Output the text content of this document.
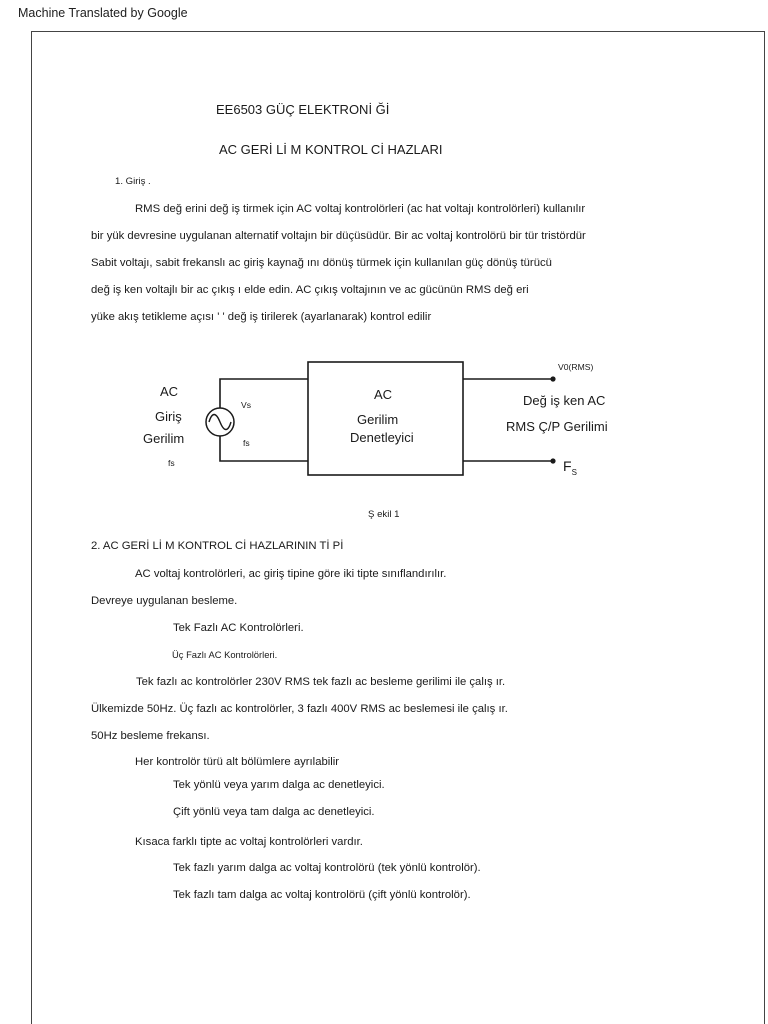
Machine Translated by Google
EE6503 GÜÇ ELEKTRONİ Ğİ
AC GERİ Lİ M KONTROL Cİ HAZLARI
1. Giriş .
RMS değ erini değ iş tirmek için AC voltaj kontrolörleri (ac hat voltajı kontrolörleri) kullanılır
bir yük devresine uygulanan alternatif voltajın bir düçüsüdür. Bir ac voltaj kontrolörü bir tür tristördür
Sabit voltajı, sabit frekanslı ac giriş kaynağ ını dönüş türmek için kullanılan güç dönüş türücü
değ iş ken voltajlı bir ac çıkış ı elde edin. AC çıkış voltajının ve ac gücünün RMS değ eri
yüke akış tetikleme açısı ' ' değ iş tirilerek (ayarlanarak) kontrol edilir
AC
Giriş
Gerilim
fs
Vs
fs
AC
Gerilim
Denetleyici
V0(RMS)
Değ iş ken AC
RMS Ç/P Gerilimi
$F_S$
Ş ekil 1
2. AC GERİ Lİ M KONTROL Cİ HAZLARININ Tİ Pİ
AC voltaj kontrolörleri, ac giriş tipine göre iki tipte sınıflandırılır.
Devreye uygulanan besleme.
Tek Fazlı AC Kontrolörleri.
Üç Fazlı AC Kontrolörleri.
Tek fazlı ac kontrolörler 230V RMS tek fazlı ac besleme gerilimi ile çalış ır.
Ülkemizde 50Hz. Üç fazlı ac kontrolörler, 3 fazlı 400V RMS ac beslemesi ile çalış ır.
50Hz besleme frekansı.
Her kontrolör türü alt bölümlere ayrılabilir
Tek yönlü veya yarım dalga ac denetleyici.
Çift yönlü veya tam dalga ac denetleyici.
Kısaca farklı tipte ac voltaj kontrolörleri vardır.
Tek fazlı yarım dalga ac voltaj kontrolörü (tek yönlü kontrolör).
Tek fazlı tam dalga ac voltaj kontrolörü (çift yönlü kontrolör).
